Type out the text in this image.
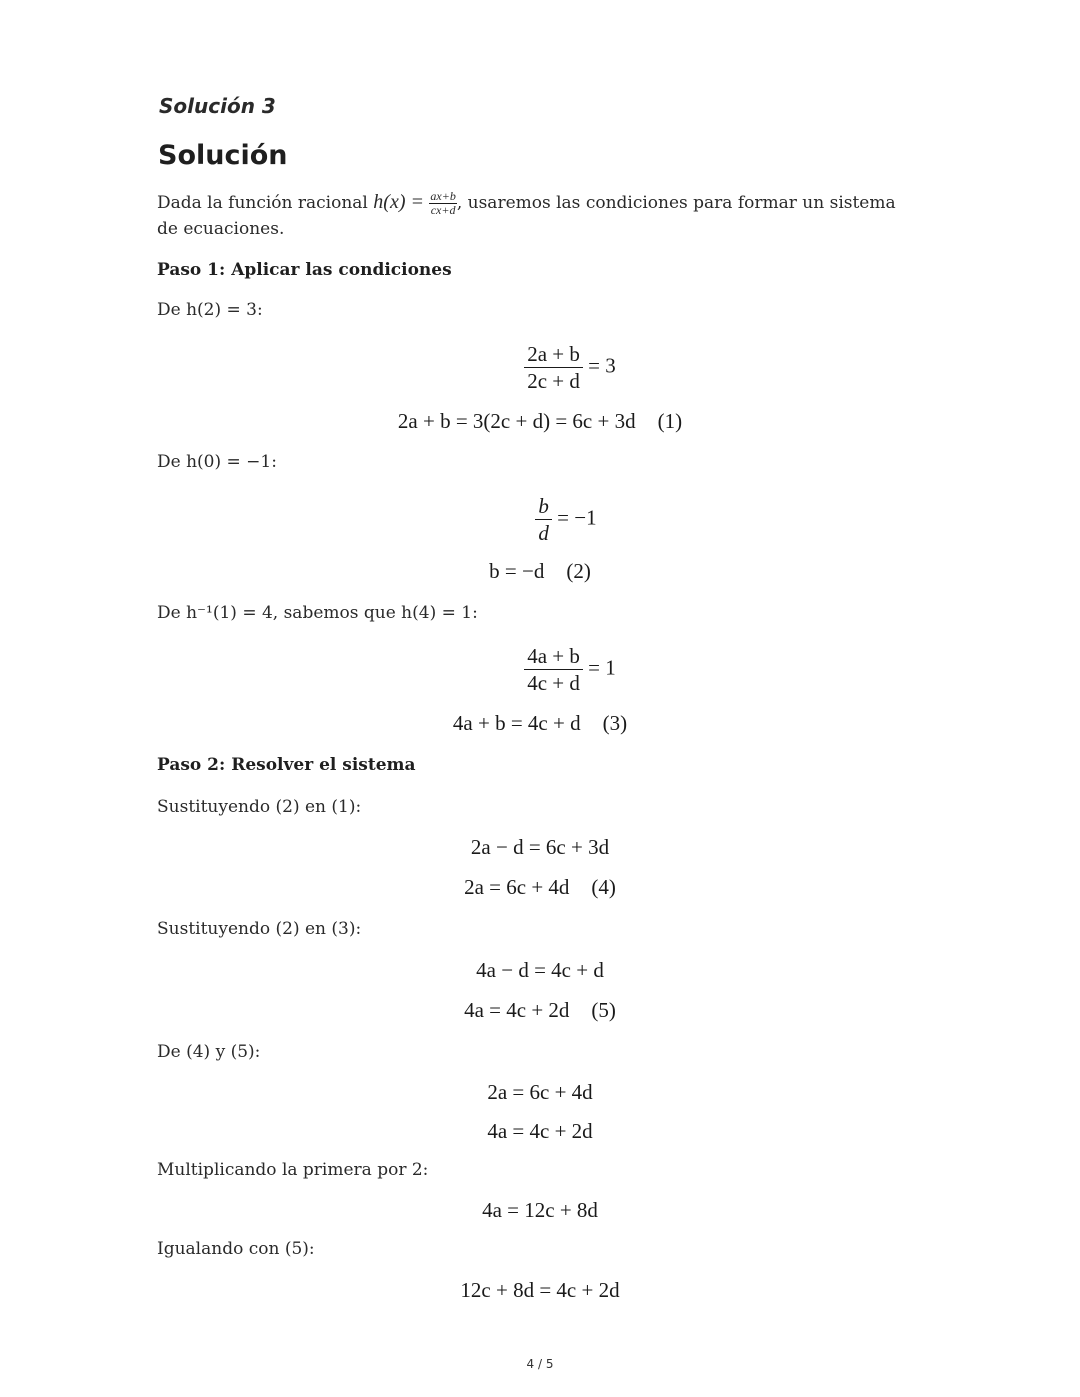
Solución 3
Solución
Dada la función racional $h(x) = \frac{ax+b}{cx+d}$ , usaremos las condiciones para formar un sistema
de ecuaciones.
Paso 1: Aplicar las condiciones
De h(2) = 3:
$\frac{2a + b}{2c + d} = 3$
2a + b = 3(2c + d) = 6c + 3d (1)
De h(0) = −1:
$\frac{b}{d} = -1$
b = −d (2)
De h⁻¹(1) = 4, sabemos que h(4) = 1:
$\frac{4a + b}{4c + d} = 1$
4a + b = 4c + d (3)
Paso 2: Resolver el sistema
Sustituyendo (2) en (1):
2a − d = 6c + 3d
2a = 6c + 4d (4)
Sustituyendo (2) en (3):
4a − d = 4c + d
4a = 4c + 2d (5)
De (4) y (5):
2a = 6c + 4d
4a = 4c + 2d
Multiplicando la primera por 2:
4a = 12c + 8d
Igualando con (5):
12c + 8d = 4c + 2d
4 / 5
